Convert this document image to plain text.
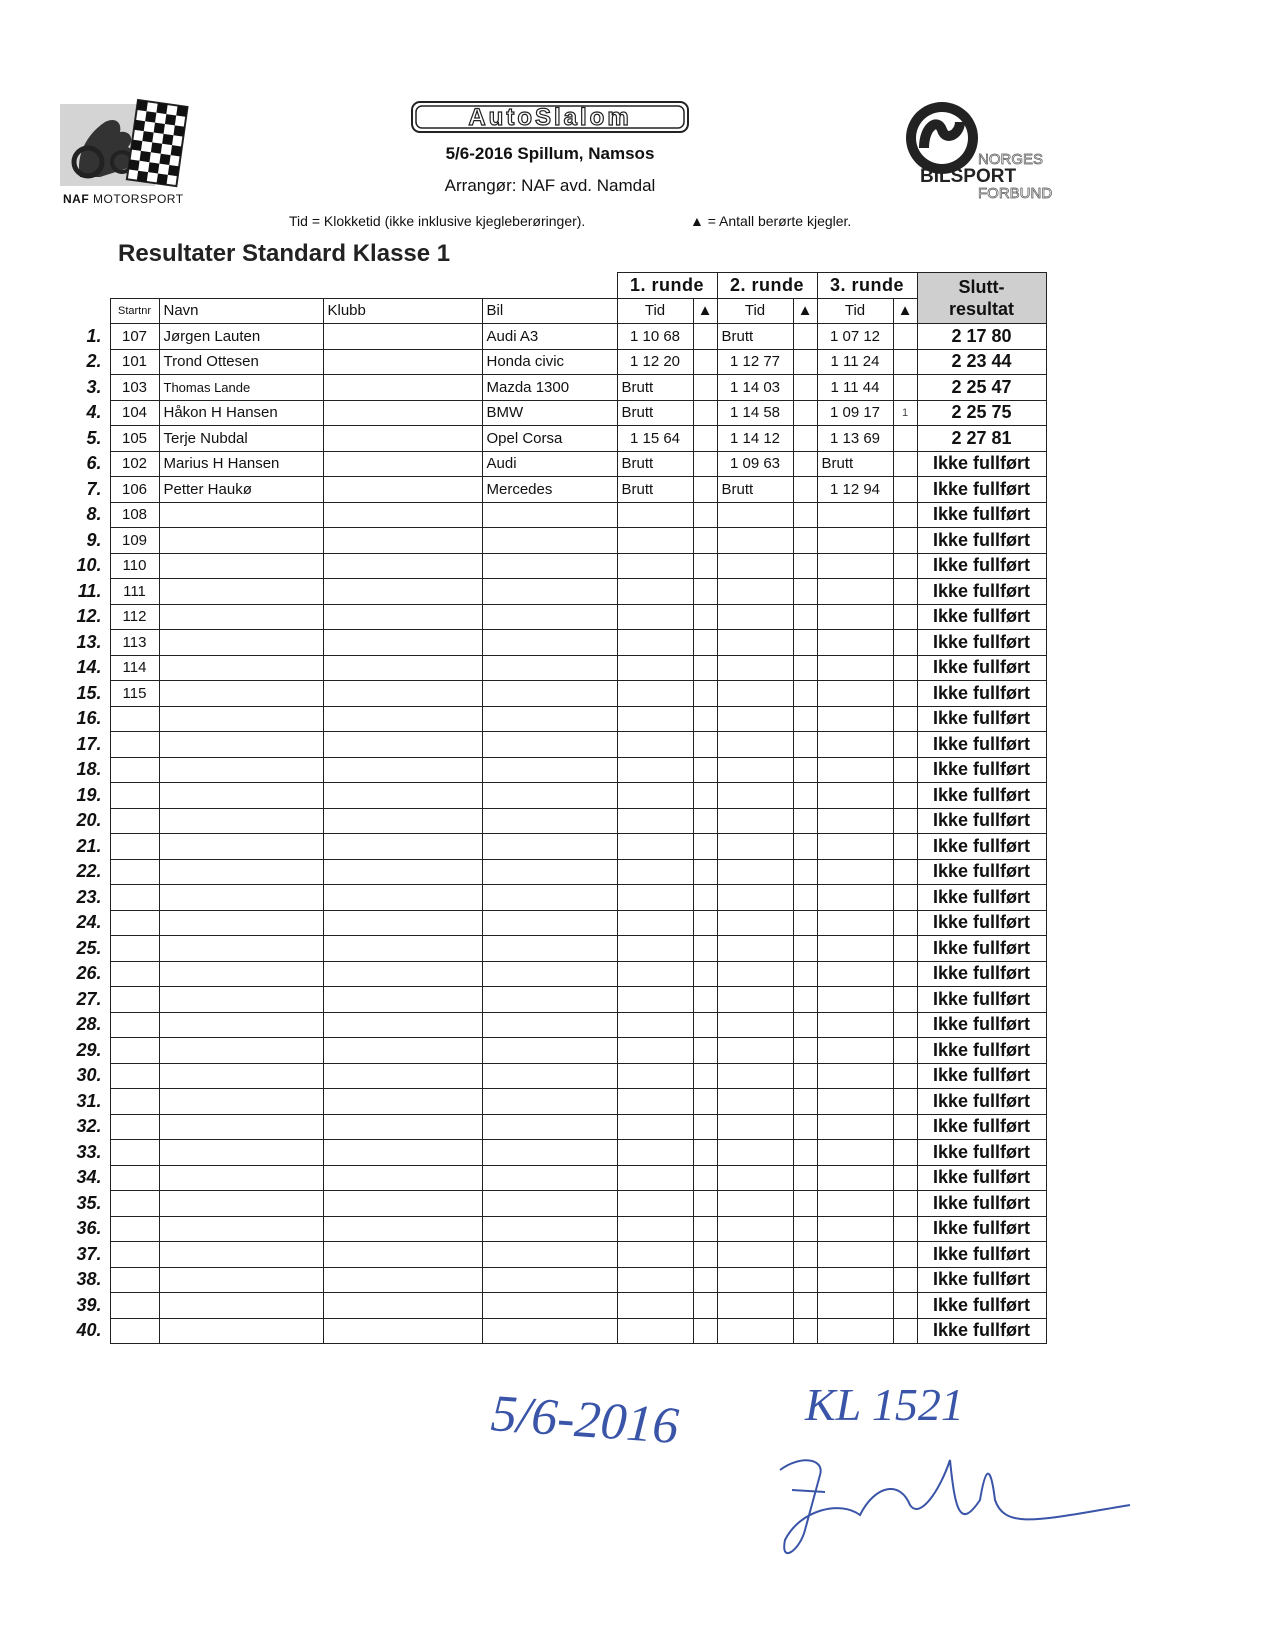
NAF MOTORSPORT
AutoSlalom
5/6-2016 Spillum, Namsos
Arrangør: NAF avd. Namdal
NORGES
BILSPORT
FORBUND
Tid = Klokketid (ikke inklusive kjegleberøringer).	▲ = Antall berørte kjegler.
Resultater Standard Klasse 1
					1. runde		2. runde		3. runde		Slutt-
resultat

	Startnr	Navn	Klubb	Bil	Tid	▲	Tid	▲	Tid	▲	
1.	107	Jørgen Lauten		Audi A3	1 10 68		Brutt		1 07 12		2 17 80
2.	101	Trond Ottesen		Honda civic	1 12 20		1 12 77		1 11 24		2 23 44
3.	103	Thomas Lande		Mazda 1300	Brutt		1 14 03		1 11 44		2 25 47
4.	104	Håkon H Hansen		BMW	Brutt		1 14 58		1 09 17	1	2 25 75
5.	105	Terje Nubdal		Opel Corsa	1 15 64		1 14 12		1 13 69		2 27 81
6.	102	Marius H Hansen		Audi	Brutt		1 09 63		Brutt		Ikke fullført
7.	106	Petter Haukø		Mercedes	Brutt		Brutt		1 12 94		Ikke fullført
8.	108										Ikke fullført
9.	109										Ikke fullført
10.	110										Ikke fullført
11.	111										Ikke fullført
12.	112										Ikke fullført
13.	113										Ikke fullført
14.	114										Ikke fullført
15.	115										Ikke fullført
16.											Ikke fullført
17.											Ikke fullført
18.											Ikke fullført
19.											Ikke fullført
20.											Ikke fullført
21.											Ikke fullført
22.											Ikke fullført
23.											Ikke fullført
24.											Ikke fullført
25.											Ikke fullført
26.											Ikke fullført
27.											Ikke fullført
28.											Ikke fullført
29.											Ikke fullført
30.											Ikke fullført
31.											Ikke fullført
32.											Ikke fullført
33.											Ikke fullført
34.											Ikke fullført
35.											Ikke fullført
36.											Ikke fullført
37.											Ikke fullført
38.											Ikke fullført
39.											Ikke fullført
40.											Ikke fullført
5/6-2016	KL 1521
